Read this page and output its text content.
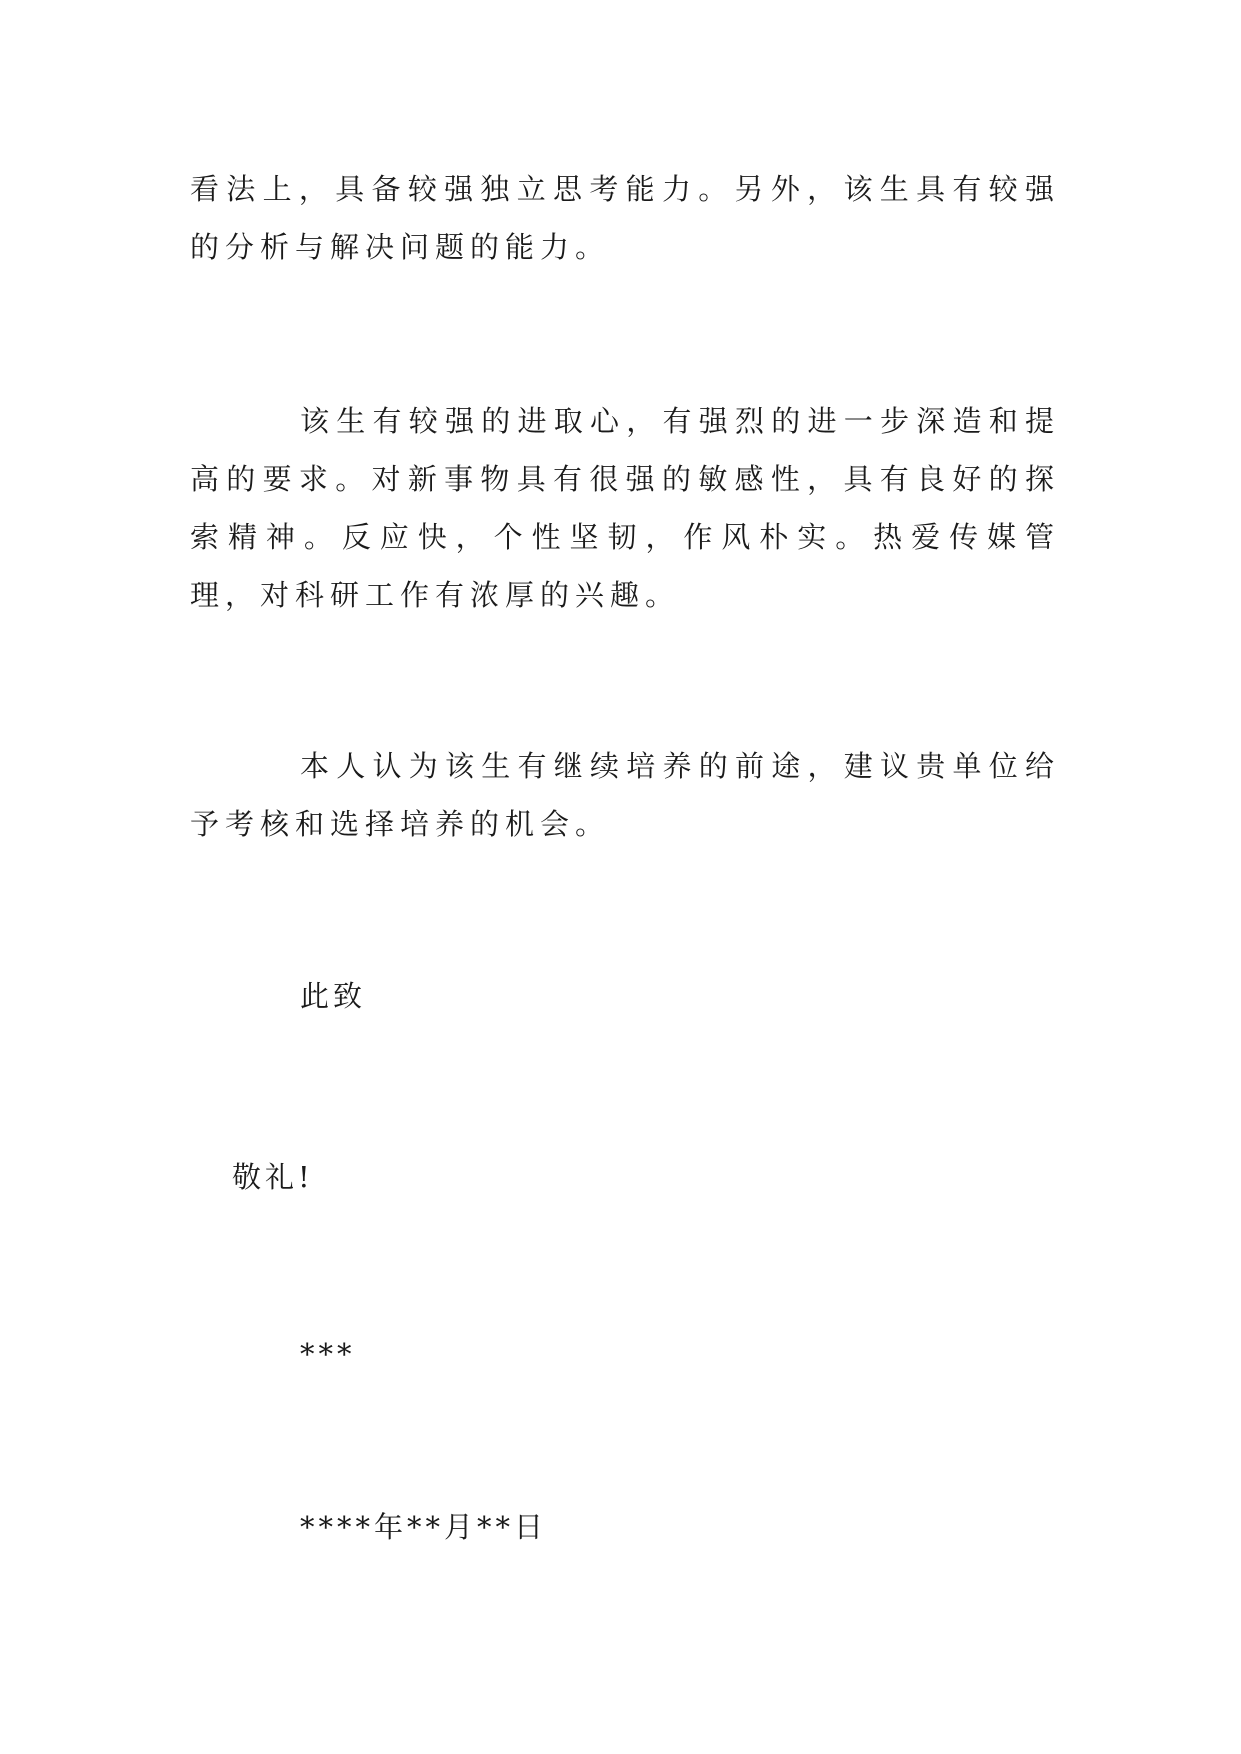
看法上，具备较强独立思考能力。另外，该生具有较强的分析与解决问题的能力。

该生有较强的进取心，有强烈的进一步深造和提高的要求。对新事物具有很强的敏感性，具有良好的探索精神。反应快，个性坚韧，作风朴实。热爱传媒管理，对科研工作有浓厚的兴趣。

本人认为该生有继续培养的前途，建议贵单位给予考核和选择培养的机会。

此致

敬礼!

***

****年**月**日
